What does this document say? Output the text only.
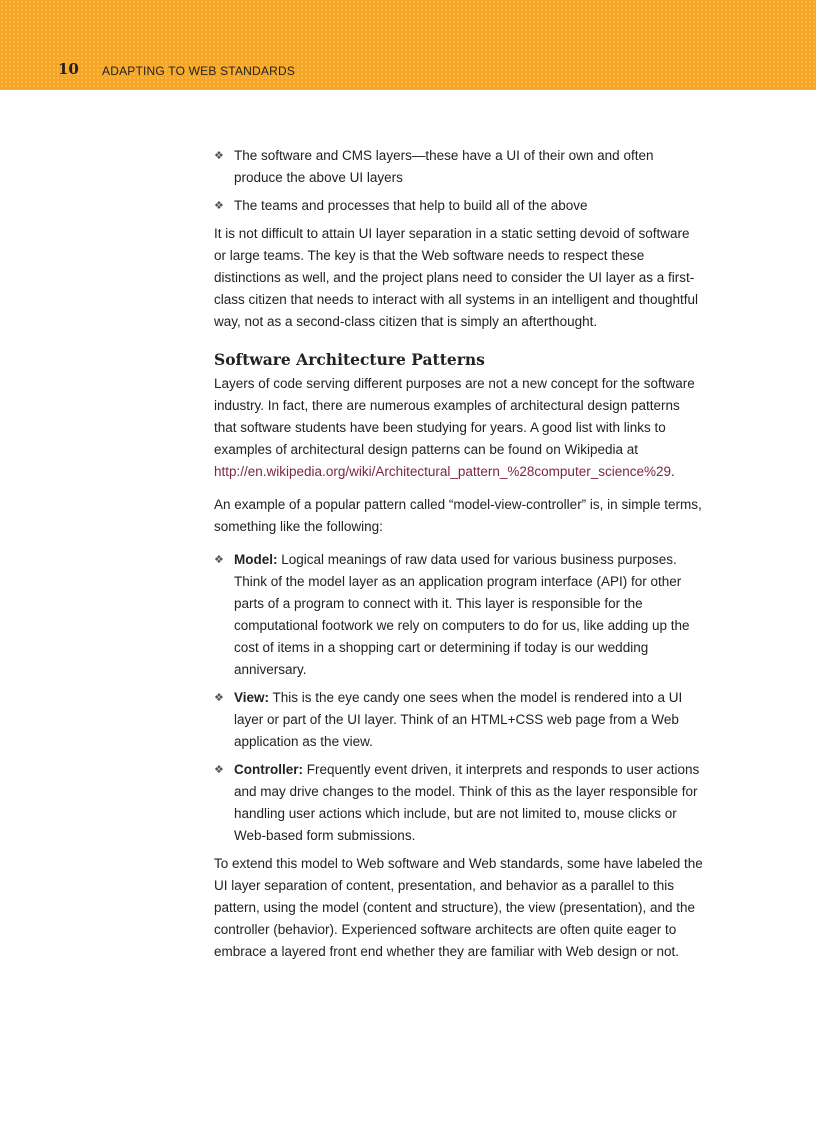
10 ADAPTING TO WEB STANDARDS
❖ The software and CMS layers—these have a UI of their own and often produce the above UI layers
❖ The teams and processes that help to build all of the above

It is not difficult to attain UI layer separation in a static setting devoid of software or large teams. The key is that the Web software needs to respect these distinctions as well, and the project plans need to consider the UI layer as a first-class citizen that needs to interact with all systems in an intelligent and thoughtful way, not as a second-class citizen that is simply an afterthought.

Software Architecture Patterns

Layers of code serving different purposes are not a new concept for the software industry. In fact, there are numerous examples of architectural design patterns that software students have been studying for years. A good list with links to examples of architectural design patterns can be found on Wikipedia at http://en.wikipedia.org/wiki/Architectural_pattern_%28computer_science%29.

An example of a popular pattern called “model-view-controller” is, in simple terms, something like the following:

❖ Model: Logical meanings of raw data used for various business purposes. Think of the model layer as an application program interface (API) for other parts of a program to connect with it. This layer is responsible for the computational footwork we rely on computers to do for us, like adding up the cost of items in a shopping cart or determining if today is our wedding anniversary.
❖ View: This is the eye candy one sees when the model is rendered into a UI layer or part of the UI layer. Think of an HTML+CSS web page from a Web application as the view.
❖ Controller: Frequently event driven, it interprets and responds to user actions and may drive changes to the model. Think of this as the layer responsible for handling user actions which include, but are not limited to, mouse clicks or Web-based form submissions.

To extend this model to Web software and Web standards, some have labeled the UI layer separation of content, presentation, and behavior as a parallel to this pattern, using the model (content and structure), the view (presentation), and the controller (behavior). Experienced software architects are often quite eager to embrace a layered front end whether they are familiar with Web design or not.
